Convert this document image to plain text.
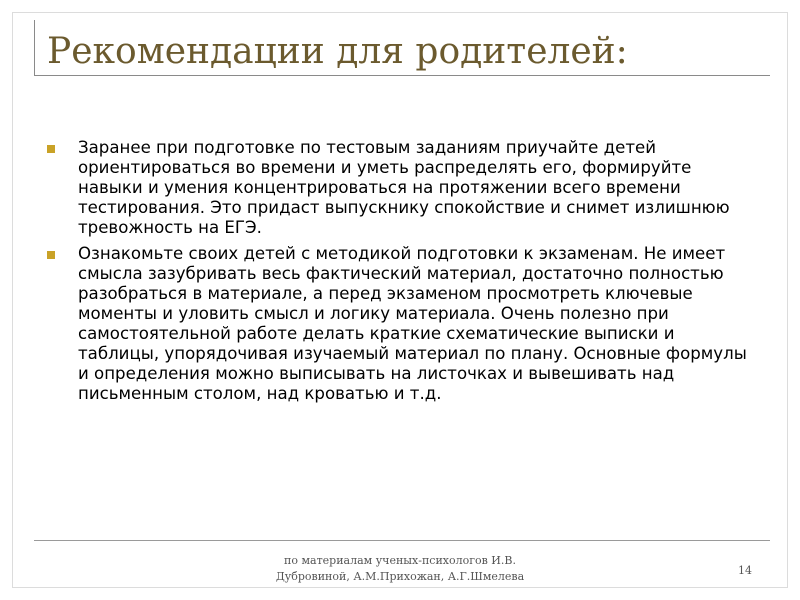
Рекомендации для родителей:
Заранее при подготовке по тестовым заданиям приучайте детей ориентироваться во времени и уметь распределять его, формируйте навыки и умения концентрироваться на протяжении всего времени тестирования. Это придаст выпускнику спокойствие и снимет излишнюю тревожность на ЕГЭ.
Ознакомьте своих детей с методикой подготовки к экзаменам. Не имеет смысла зазубривать весь фактический материал, достаточно полностью разобраться в материале, а перед экзаменом просмотреть ключевые моменты и уловить смысл и логику материала. Очень полезно при самостоятельной работе делать краткие схематические выписки и таблицы, упорядочивая изучаемый материал по плану. Основные формулы и определения можно выписывать на листочках и вывешивать над письменным столом, над кроватью и т.д.
по материалам ученых-психологов И.В.
Дубровиной, А.М.Прихожан, А.Г.Шмелева	14
